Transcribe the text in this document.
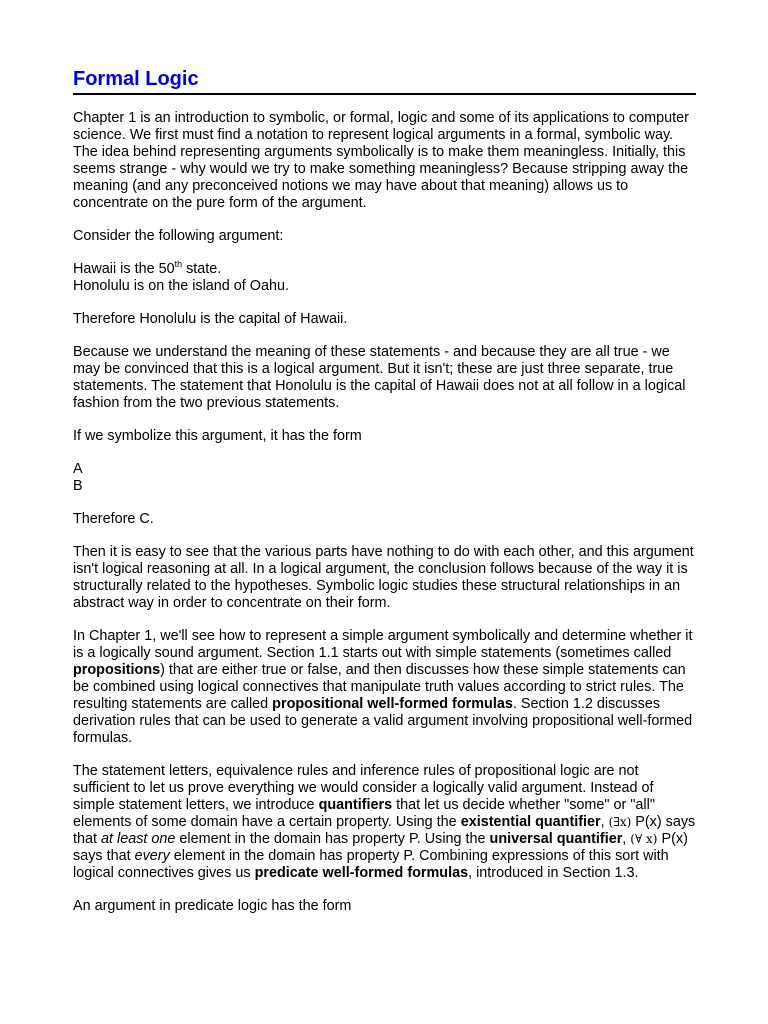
Formal Logic

Chapter 1 is an introduction to symbolic, or formal, logic and some of its applications to computer science. We first must find a notation to represent logical arguments in a formal, symbolic way. The idea behind representing arguments symbolically is to make them meaningless. Initially, this seems strange - why would we try to make something meaningless? Because stripping away the meaning (and any preconceived notions we may have about that meaning) allows us to concentrate on the pure form of the argument.

Consider the following argument:

Hawaii is the 50th state.
Honolulu is on the island of Oahu.

Therefore Honolulu is the capital of Hawaii.

Because we understand the meaning of these statements - and because they are all true - we may be convinced that this is a logical argument. But it isn't; these are just three separate, true statements. The statement that Honolulu is the capital of Hawaii does not at all follow in a logical fashion from the two previous statements.

If we symbolize this argument, it has the form

A
B

Therefore C.

Then it is easy to see that the various parts have nothing to do with each other, and this argument isn't logical reasoning at all. In a logical argument, the conclusion follows because of the way it is structurally related to the hypotheses. Symbolic logic studies these structural relationships in an abstract way in order to concentrate on their form.

In Chapter 1, we'll see how to represent a simple argument symbolically and determine whether it is a logically sound argument. Section 1.1 starts out with simple statements (sometimes called propositions) that are either true or false, and then discusses how these simple statements can be combined using logical connectives that manipulate truth values according to strict rules. The resulting statements are called propositional well-formed formulas. Section 1.2 discusses derivation rules that can be used to generate a valid argument involving propositional well-formed formulas.

The statement letters, equivalence rules and inference rules of propositional logic are not sufficient to let us prove everything we would consider a logically valid argument. Instead of simple statement letters, we introduce quantifiers that let us decide whether "some" or "all" elements of some domain have a certain property. Using the existential quantifier, (∃x) P(x) says that at least one element in the domain has property P. Using the universal quantifier, (∀ x) P(x) says that every element in the domain has property P. Combining expressions of this sort with logical connectives gives us predicate well-formed formulas, introduced in Section 1.3.

An argument in predicate logic has the form
